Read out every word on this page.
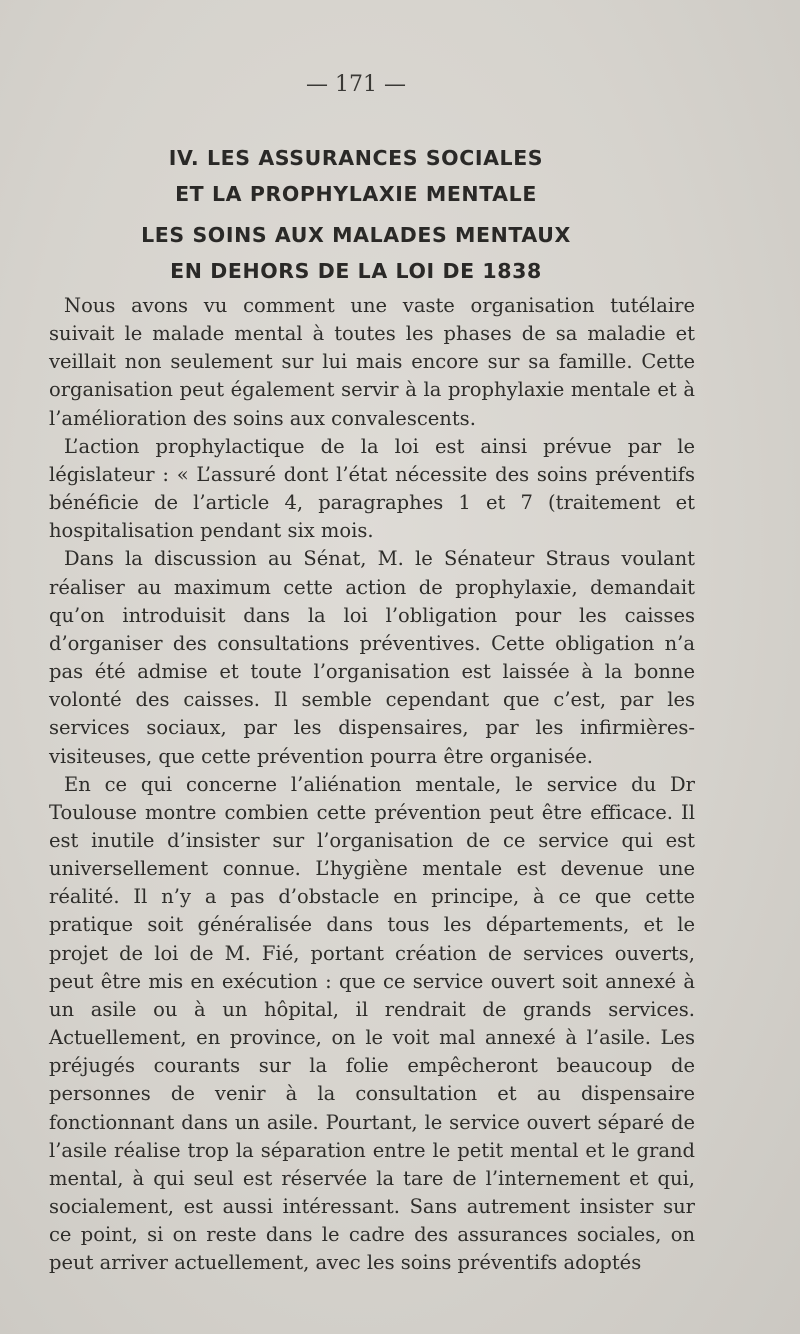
— 171 —
IV. LES ASSURANCES SOCIALES
ET LA PROPHYLAXIE MENTALE
LES SOINS AUX MALADES MENTAUX
EN DEHORS DE LA LOI DE 1838

Nous avons vu comment une vaste organisation tutélaire suivait le malade mental à toutes les phases de sa maladie et veillait non seulement sur lui mais encore sur sa famille. Cette organisation peut également servir à la prophylaxie mentale et à l’amélioration des soins aux convalescents.

L’action prophylactique de la loi est ainsi prévue par le législateur : « L’assuré dont l’état nécessite des soins préventifs bénéficie de l’article 4, paragraphes 1 et 7 (traitement et hospitalisation pendant six mois.

Dans la discussion au Sénat, M. le Sénateur Straus voulant réaliser au maximum cette action de prophylaxie, demandait qu’on introduisit dans la loi l’obligation pour les caisses d’organiser des consultations préventives. Cette obligation n’a pas été admise et toute l’organisation est laissée à la bonne volonté des caisses. Il semble cependant que c’est, par les services sociaux, par les dispensaires, par les infirmières-visiteuses, que cette prévention pourra être organisée.

En ce qui concerne l’aliénation mentale, le service du Dr Toulouse montre combien cette prévention peut être efficace. Il est inutile d’insister sur l’organisation de ce service qui est universellement connue. L’hygiène mentale est devenue une réalité. Il n’y a pas d’obstacle en principe, à ce que cette pratique soit généralisée dans tous les départements, et le projet de loi de M. Fié, portant création de services ouverts, peut être mis en exécution : que ce service ouvert soit annexé à un asile ou à un hôpital, il rendrait de grands services. Actuellement, en province, on le voit mal annexé à l’asile. Les préjugés courants sur la folie empêcheront beaucoup de personnes de venir à la consultation et au dispensaire fonctionnant dans un asile. Pourtant, le service ouvert séparé de l’asile réalise trop la séparation entre le petit mental et le grand mental, à qui seul est réservée la tare de l’internement et qui, socialement, est aussi intéressant. Sans autrement insister sur ce point, si on reste dans le cadre des assurances sociales, on peut arriver actuellement, avec les soins préventifs adoptés
